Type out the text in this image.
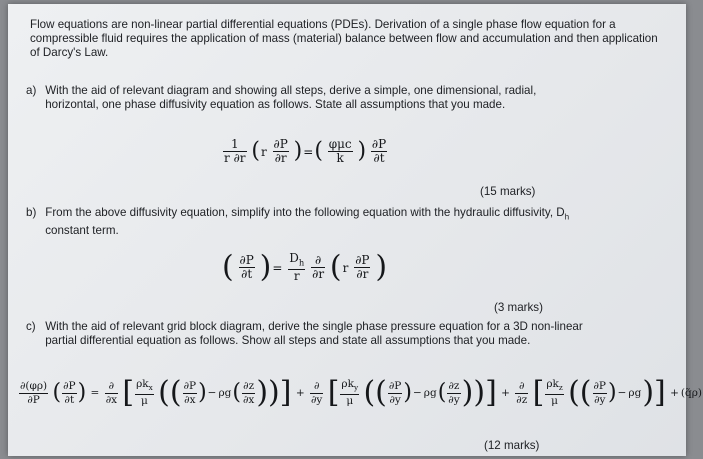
Flow equations are non-linear partial differential equations (PDEs). Derivation of a single phase flow equation for a compressible fluid requires the application of mass (material) balance between flow and accumulation and then application of Darcy's Law.
a) With the aid of relevant diagram and showing all steps, derive a simple, one dimensional, radial, horizontal, one phase diffusivity equation as follows. State all assumptions that you made.
$\frac{1}{r \partial r} (r \frac{\partial P}{\partial r}$ )=( $\frac{\text{φμc}}{k}$ ) $\frac{\partial P}{\partial t}$
(15 marks)
b) From the above diffusivity equation, simplify into the following equation with the hydraulic diffusivity, $D_h$ constant term.
( $\frac{\partial P}{\partial t}$ )= $\frac{D_h}{r}$
$\frac{\partial}{\partial r} (r \frac{\partial P}{\partial r}$ )
(3 marks)
c) With the aid of relevant grid block diagram, derive the single phase pressure equation for a 3D non-linear partial differential equation as follows. Show all steps and state all assumptions that you made.
$\frac{\partial(\varphi\rho)}{\partial P}$ ( $\frac{\partial P}{\partial t}$ ) = $\frac{\partial}{\partial x}$ [ $\frac{\rho k_x}{\mu}$ (( $\frac{\partial P}{\partial x}$ )− $\rho g( \frac{\partial z}{\partial x}$ ))] + $\frac{\partial}{\partial y}$ [ $\frac{\rho k_y}{\mu}$ (( $\frac{\partial P}{\partial y}$ )− $\rho g( \frac{\partial z}{\partial y}$ ))] + $\frac{\partial}{\partial z}$ [ $\frac{\rho k_z}{\mu}$ (( $\frac{\partial P}{\partial y}$ )− ρg)] + (q̃ρ)
(12 marks)
